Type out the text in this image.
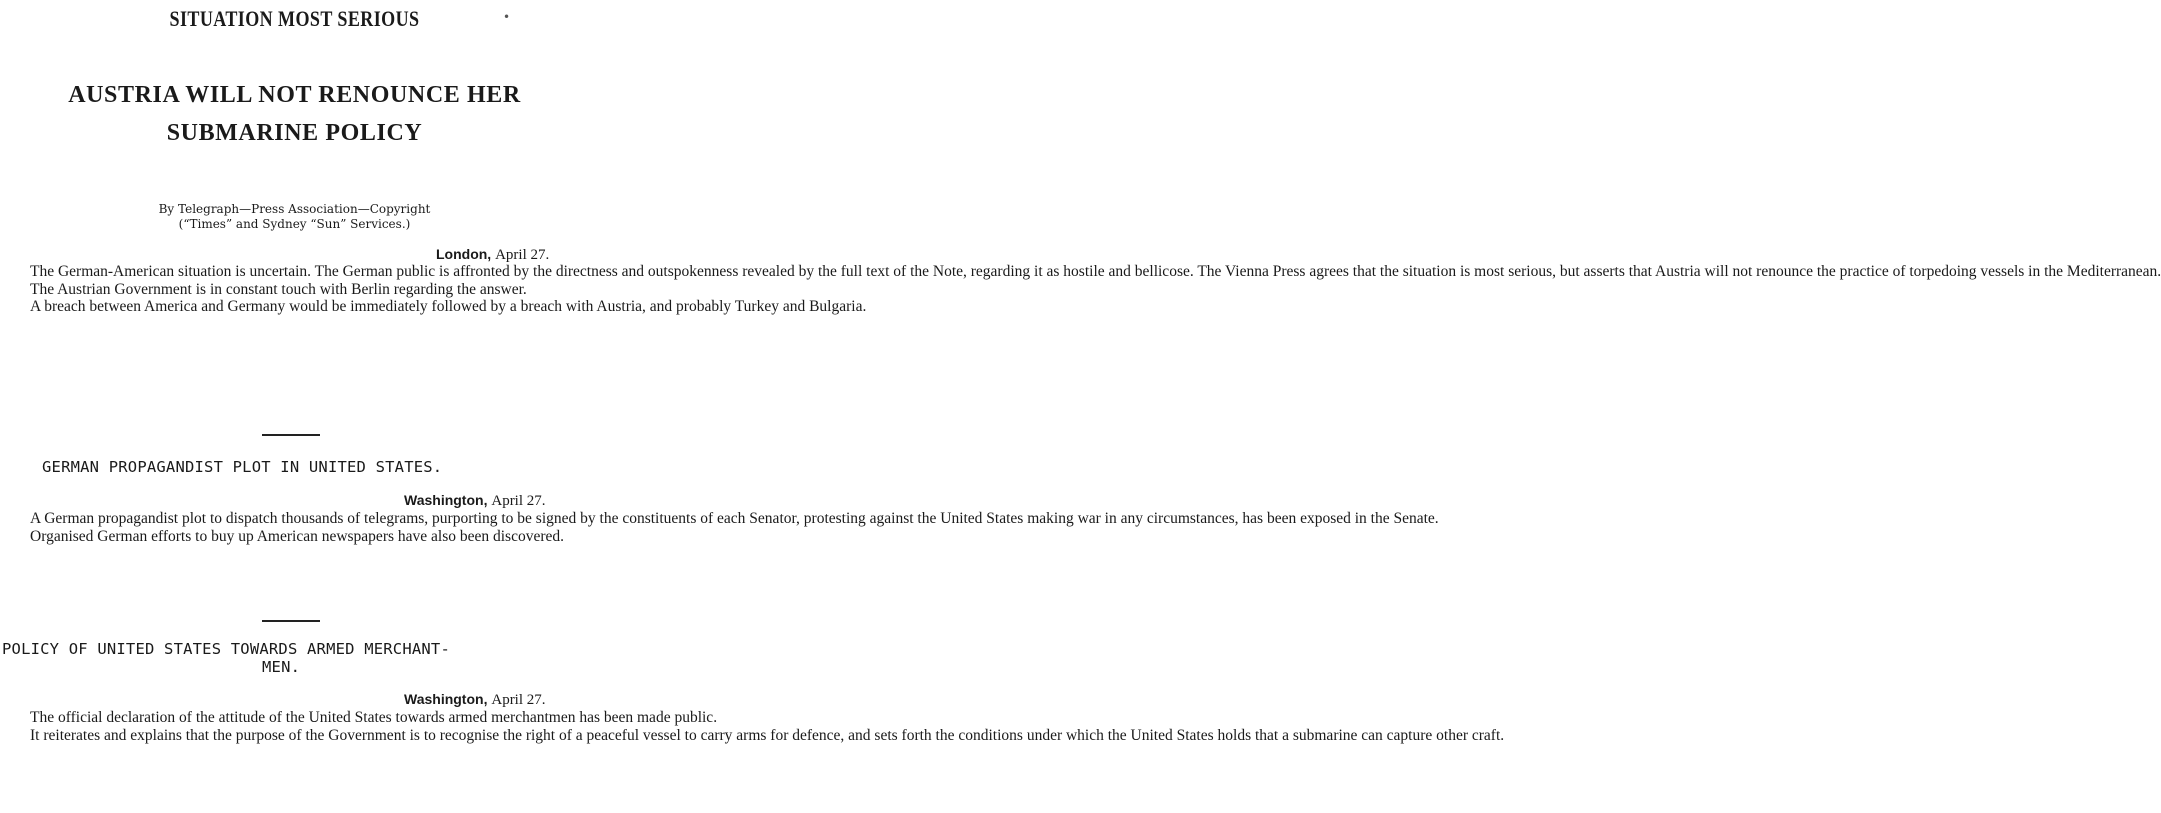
SITUATION MOST SERIOUS	•
AUSTRIA WILL NOT RENOUNCE HER
SUBMARINE POLICY
By Telegraph—Press Association—Copyright
(“Times” and Sydney “Sun” Services.)
London, April 27.

The German-American situation is uncertain. The German public is affronted by the directness and outspokenness revealed by the full text of the Note, regarding it as hostile and bellicose. The Vienna Press agrees that the situation is most serious, but asserts that Austria will not renounce the practice of torpedoing vessels in the Mediterranean.

The Austrian Government is in constant touch with Berlin regarding the answer.

A breach between America and Germany would be immediately followed by a breach with Austria, and probably Turkey and Bulgaria.

GERMAN PROPAGANDIST PLOT IN UNITED STATES.
Washington, April 27.

A German propagandist plot to dispatch thousands of telegrams, purporting to be signed by the constituents of each Senator, protesting against the United States making war in any circumstances, has been exposed in the Senate.

Organised German efforts to buy up American newspapers have also been discovered.

POLICY OF UNITED STATES TOWARDS ARMED MERCHANT-
MEN.
Washington, April 27.

The official declaration of the attitude of the United States towards armed merchantmen has been made public.

It reiterates and explains that the purpose of the Government is to recognise the right of a peaceful vessel to carry arms for defence, and sets forth the conditions under which the United States holds that a submarine can capture other craft.
